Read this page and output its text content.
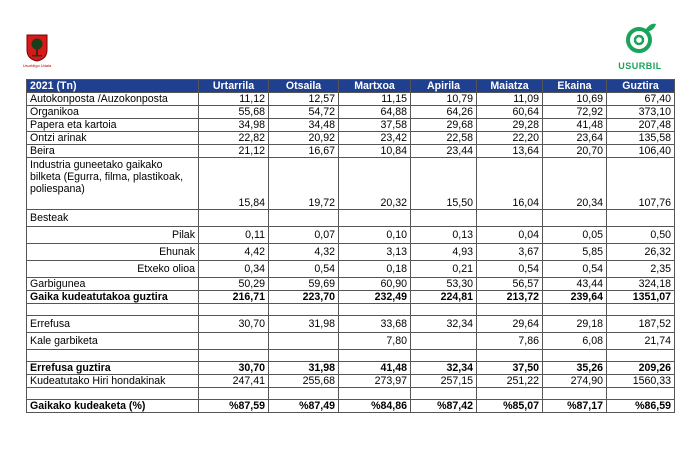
Usurbilgo Udala	USURBIL
2021 (Tn)	Urtarrila	Otsaila	Martxoa	Apirila	Maiatza	Ekaina	Guztira
Autokonposta /Auzokonposta	11,12	12,57	11,15	10,79	11,09	10,69	67,40
Organikoa	55,68	54,72	64,88	64,26	60,64	72,92	373,10
Papera eta kartoia	34,98	34,48	37,58	29,68	29,28	41,48	207,48
Ontzi arinak	22,82	20,92	23,42	22,58	22,20	23,64	135,58
Beira	21,12	16,67	10,84	23,44	13,64	20,70	106,40
Industria guneetako gaikako bilketa (Egurra, filma, plastikoak, poliespana)	15,84	19,72	20,32	15,50	16,04	20,34	107,76
Besteak							
Pilak	0,11	0,07	0,10	0,13	0,04	0,05	0,50
Ehunak	4,42	4,32	3,13	4,93	3,67	5,85	26,32
Etxeko olioa	0,34	0,54	0,18	0,21	0,54	0,54	2,35
Garbigunea	50,29	59,69	60,90	53,30	56,57	43,44	324,18
Gaika kudeatutakoa guztira	216,71	223,70	232,49	224,81	213,72	239,64	1351,07

Errefusa	30,70	31,98	33,68	32,34	29,64	29,18	187,52
Kale garbiketa			7,80		7,86	6,08	21,74

Errefusa guztira	30,70	31,98	41,48	32,34	37,50	35,26	209,26
Kudeatutako Hiri hondakinak	247,41	255,68	273,97	257,15	251,22	274,90	1560,33

Gaikako kudeaketa (%)	%87,59	%87,49	%84,86	%87,42	%85,07	%87,17	%86,59
